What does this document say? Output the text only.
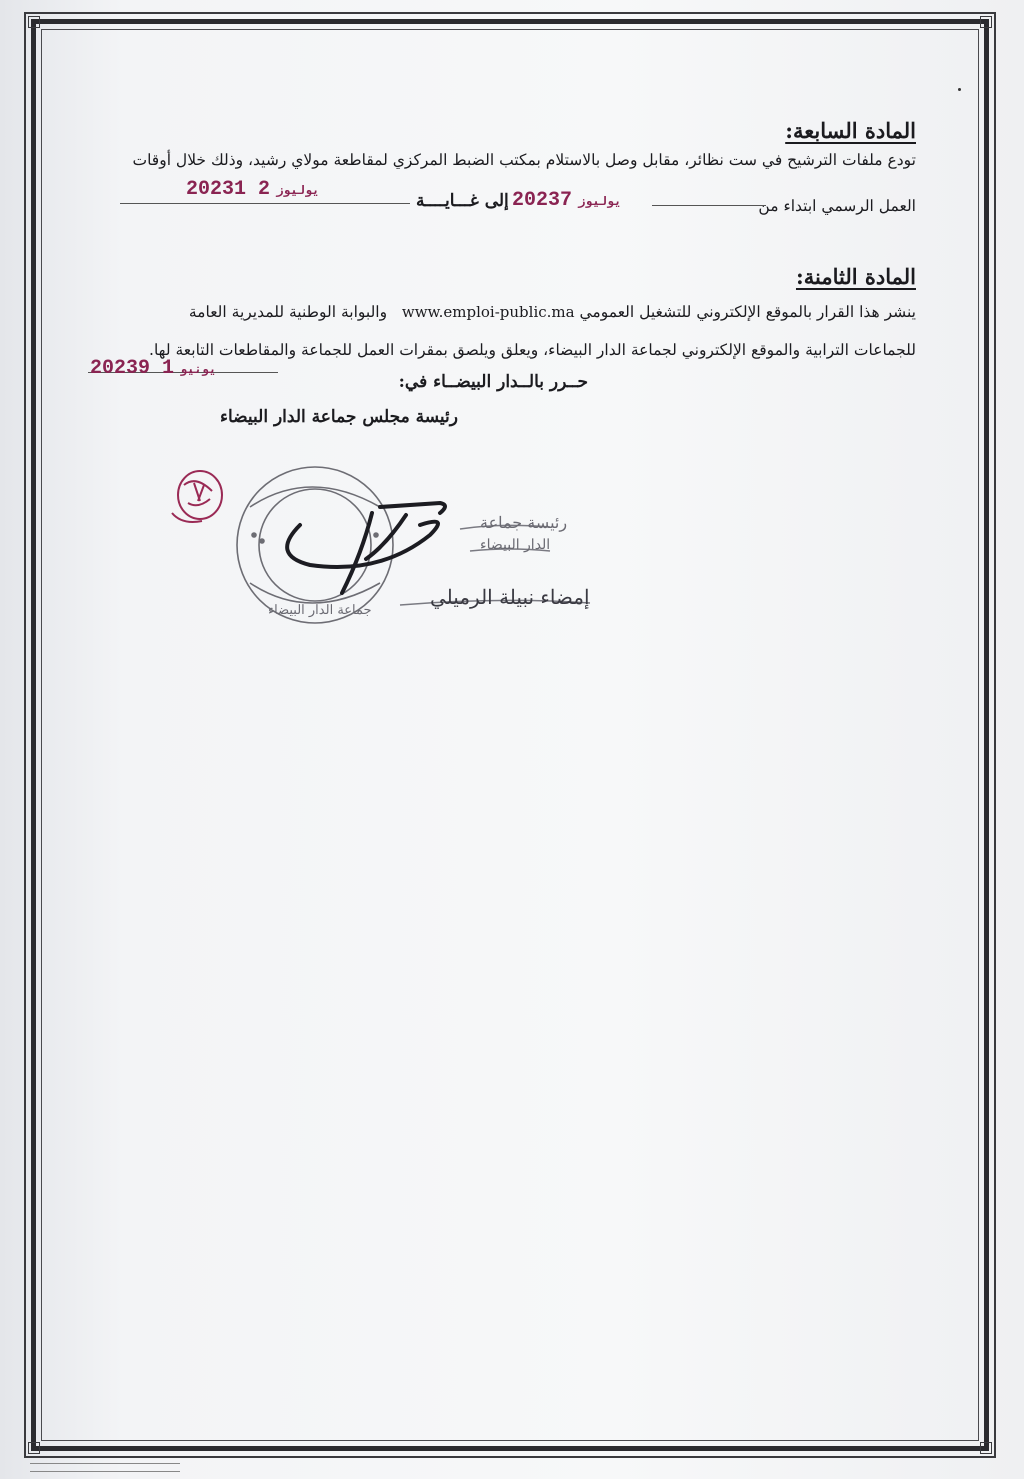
المادة السابعة:
تودع ملفات الترشيح في ست نظائر، مقابل وصل بالاستلام بمكتب الضبط المركزي لمقاطعة مولاي رشيد، وذلك خلال أوقات
العمل الرسمي ابتداء من
2023 يوليوز7
إلى غـــايــــة
2023	يوليوز2 1
المادة الثامنة:
ينشر هذا القرار بالموقع الإلكتروني للتشغيل العمومي www.emploi-public.ma   والبوابة الوطنية للمديرية العامة
للجماعات الترابية والموقع الإلكتروني لجماعة الدار البيضاء، ويعلق ويلصق بمقرات العمل للجماعة والمقاطعات التابعة لها.
حــرر بالــدار البيضــاء في:
2023	يونيو1 9
رئيسة مجلس جماعة الدار البيضاء
رئيسة جماعة
الدار البيضاء
إمضاء نبيلة الرميلي
جماعة الدار البيضاء
